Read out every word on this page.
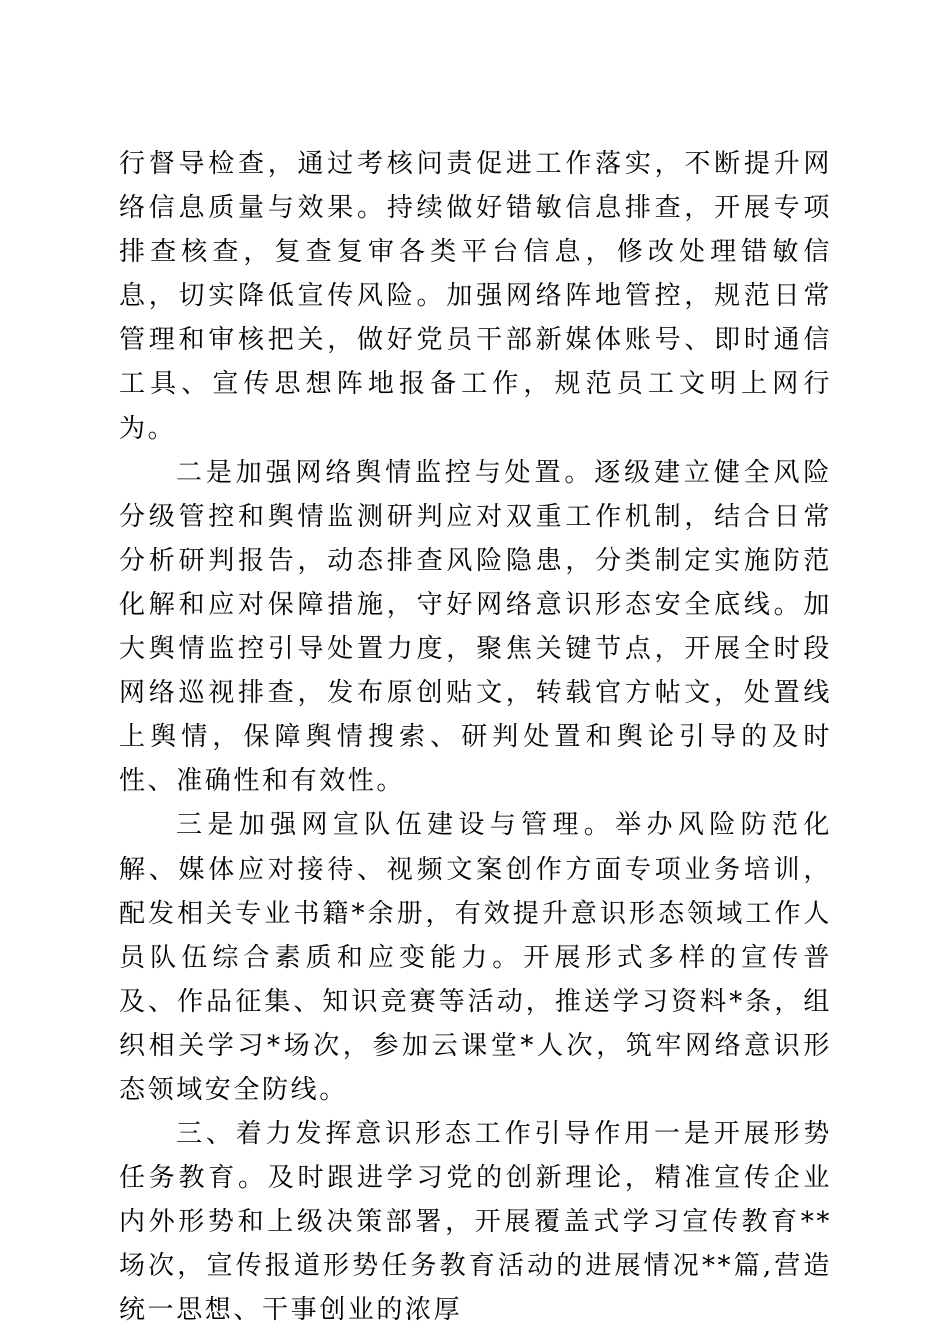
行督导检查，通过考核问责促进工作落实，不断提升网络信息质量与效果。持续做好错敏信息排查，开展专项排查核查，复查复审各类平台信息，修改处理错敏信息，切实降低宣传风险。加强网络阵地管控，规范日常管理和审核把关，做好党员干部新媒体账号、即时通信工具、宣传思想阵地报备工作，规范员工文明上网行为。

二是加强网络舆情监控与处置。逐级建立健全风险分级管控和舆情监测研判应对双重工作机制，结合日常分析研判报告，动态排查风险隐患，分类制定实施防范化解和应对保障措施，守好网络意识形态安全底线。加大舆情监控引导处置力度，聚焦关键节点，开展全时段网络巡视排查，发布原创贴文，转载官方帖文，处置线上舆情，保障舆情搜索、研判处置和舆论引导的及时性、准确性和有效性。

三是加强网宣队伍建设与管理。举办风险防范化解、媒体应对接待、视频文案创作方面专项业务培训，配发相关专业书籍*余册，有效提升意识形态领域工作人员队伍综合素质和应变能力。开展形式多样的宣传普及、作品征集、知识竞赛等活动，推送学习资料*条，组织相关学习*场次，参加云课堂*人次，筑牢网络意识形态领域安全防线。

三、着力发挥意识形态工作引导作用一是开展形势任务教育。及时跟进学习党的创新理论，精准宣传企业内外形势和上级决策部署，开展覆盖式学习宣传教育**场次，宣传报道形势任务教育活动的进展情况**篇,营造统一思想、干事创业的浓厚
